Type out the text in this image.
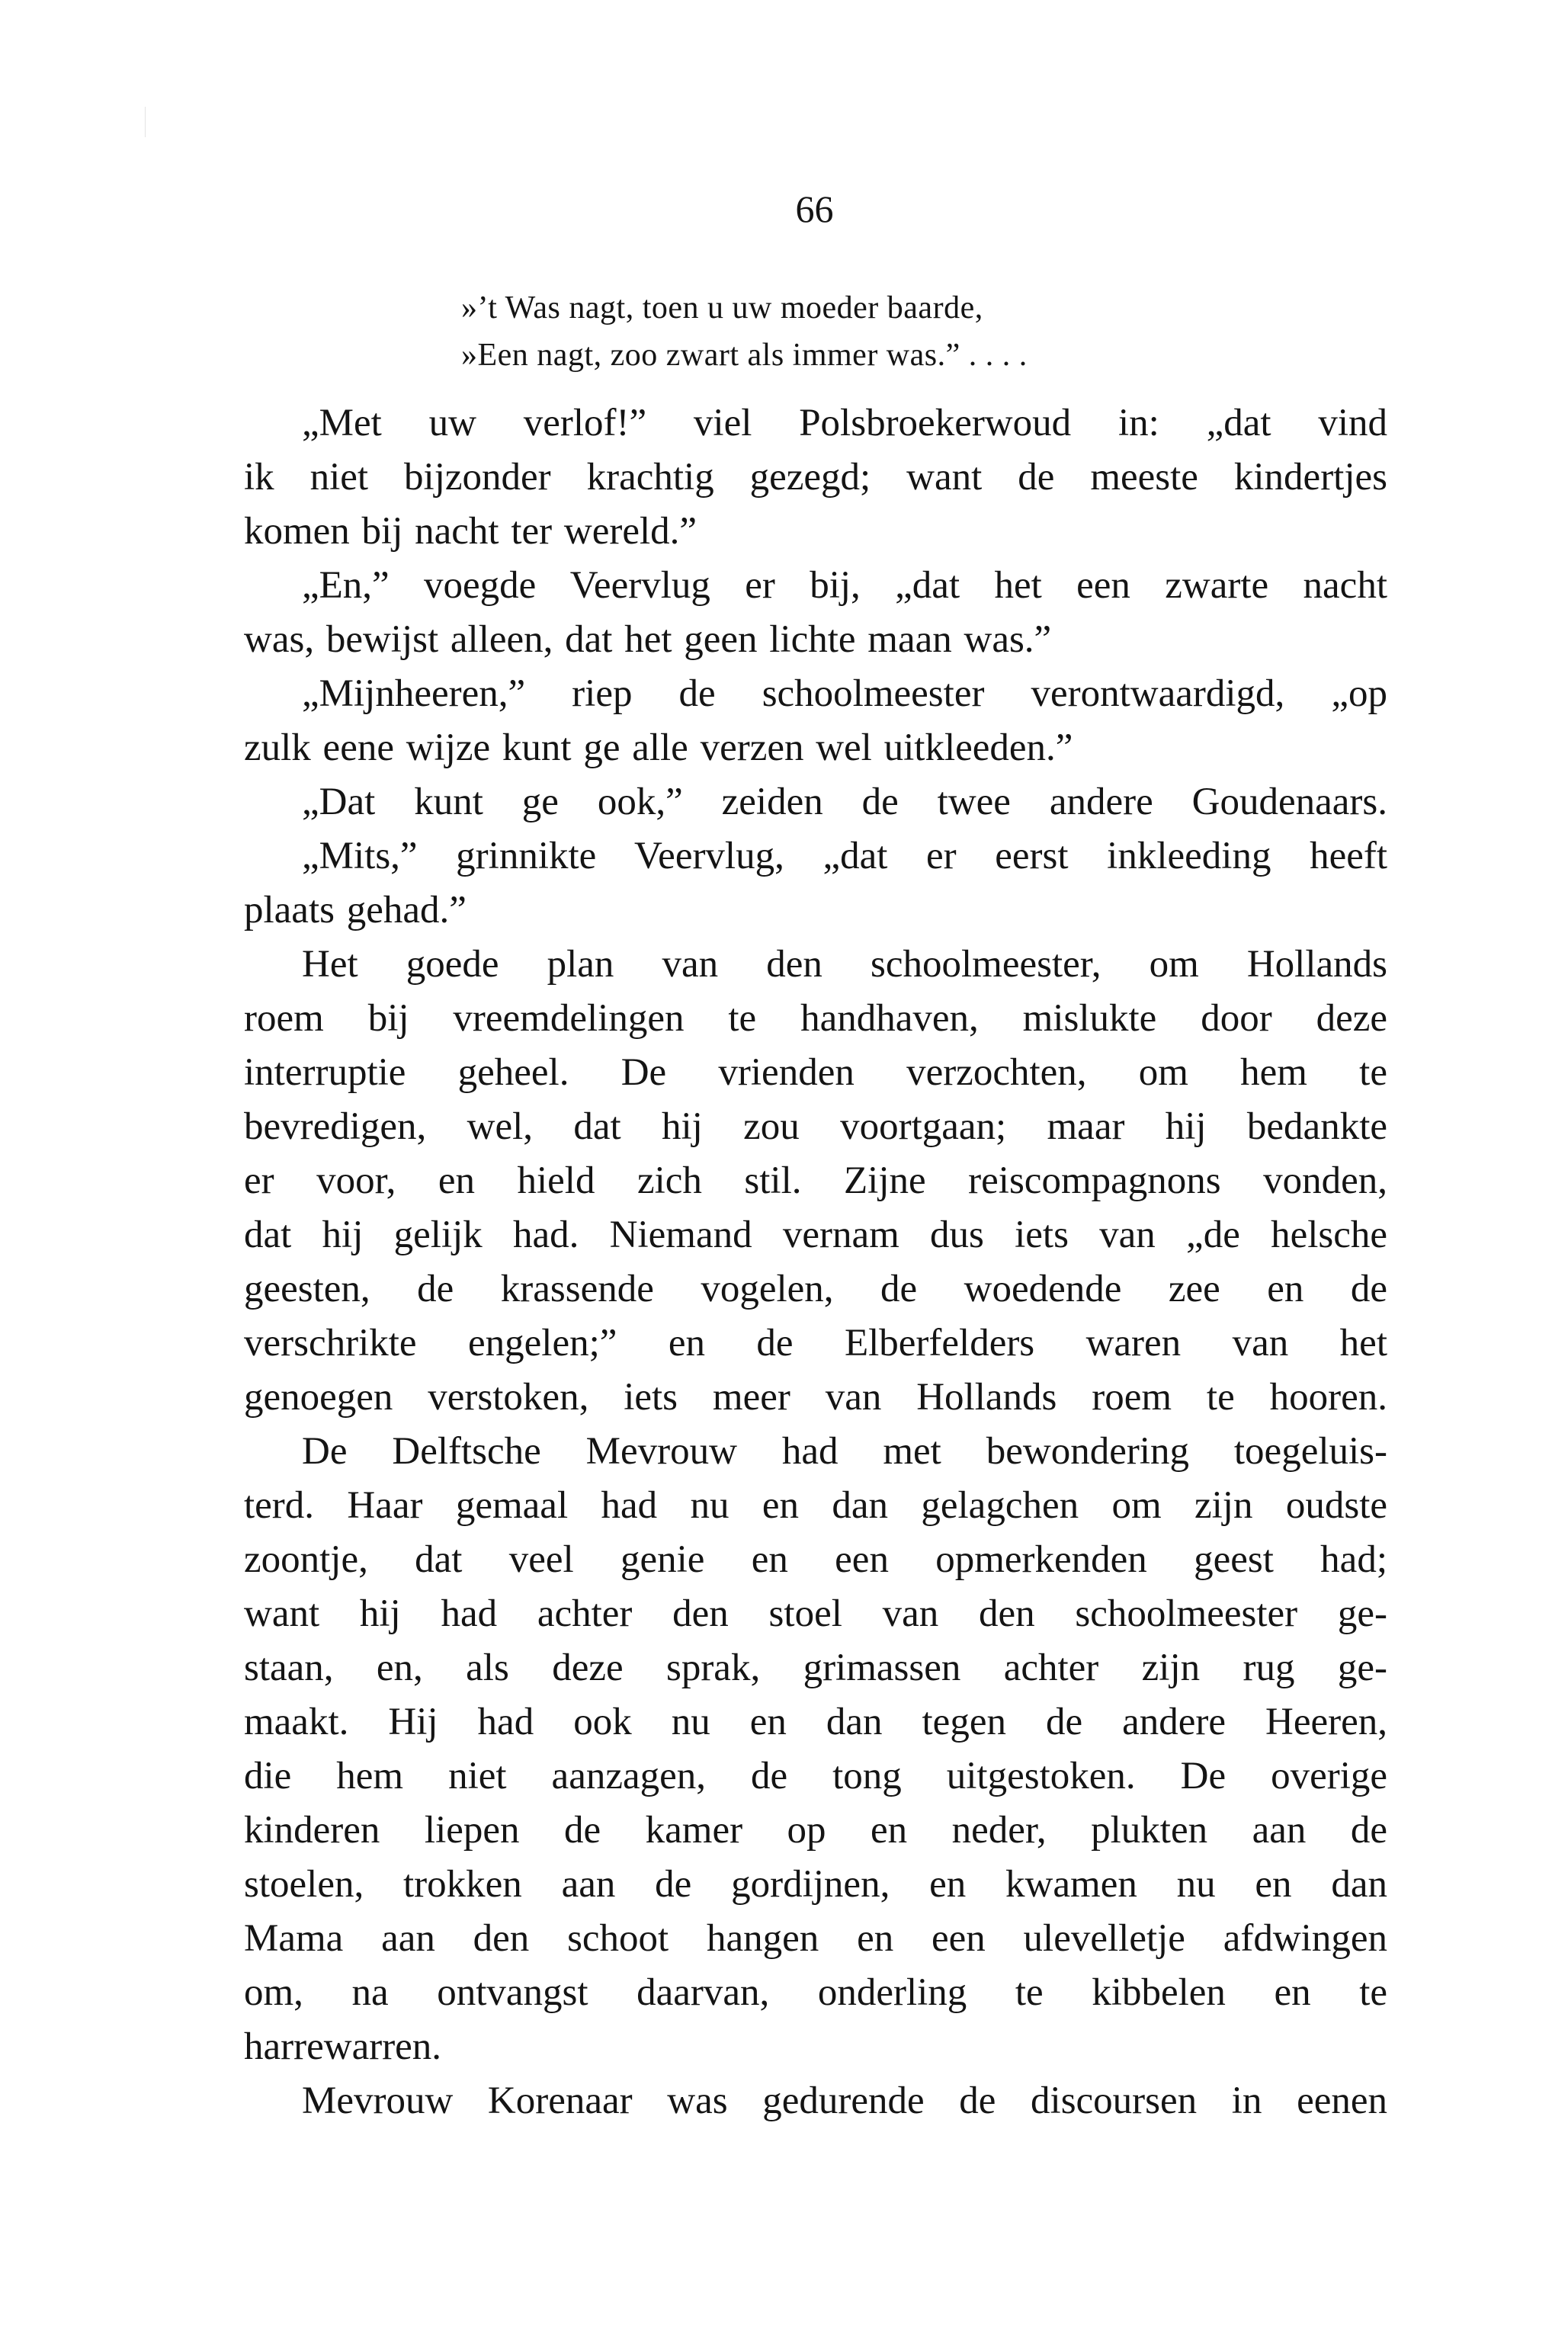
66
»’t Was nagt, toen u uw moeder baarde,
»Een nagt, zoo zwart als immer was.” . . . .
„Met uw verlof!” viel Polsbroekerwoud in: „dat vind
ik niet bijzonder krachtig gezegd; want de meeste kindertjes
komen bij nacht ter wereld.”
„En,” voegde Veervlug er bij, „dat het een zwarte nacht
was, bewijst alleen, dat het geen lichte maan was.”
„Mijnheeren,” riep de schoolmeester verontwaardigd, „op
zulk eene wijze kunt ge alle verzen wel uitkleeden.”
„Dat kunt ge ook,” zeiden de twee andere Goudenaars.
„Mits,” grinnikte Veervlug, „dat er eerst inkleeding heeft
plaats gehad.”
Het goede plan van den schoolmeester, om Hollands
roem bij vreemdelingen te handhaven, mislukte door deze
interruptie geheel. De vrienden verzochten, om hem te
bevredigen, wel, dat hij zou voortgaan; maar hij bedankte
er voor, en hield zich stil. Zijne reiscompagnons vonden,
dat hij gelijk had. Niemand vernam dus iets van „de helsche
geesten, de krassende vogelen, de woedende zee en de
verschrikte engelen;” en de Elberfelders waren van het
genoegen verstoken, iets meer van Hollands roem te hooren.
De Delftsche Mevrouw had met bewondering toegeluis-
terd. Haar gemaal had nu en dan gelagchen om zijn oudste
zoontje, dat veel genie en een opmerkenden geest had;
want hij had achter den stoel van den schoolmeester ge-
staan, en, als deze sprak, grimassen achter zijn rug ge-
maakt. Hij had ook nu en dan tegen de andere Heeren,
die hem niet aanzagen, de tong uitgestoken. De overige
kinderen liepen de kamer op en neder, plukten aan de
stoelen, trokken aan de gordijnen, en kwamen nu en dan
Mama aan den schoot hangen en een ulevelletje afdwingen
om, na ontvangst daarvan, onderling te kibbelen en te
harrewarren.
Mevrouw Korenaar was gedurende de discoursen in eenen
